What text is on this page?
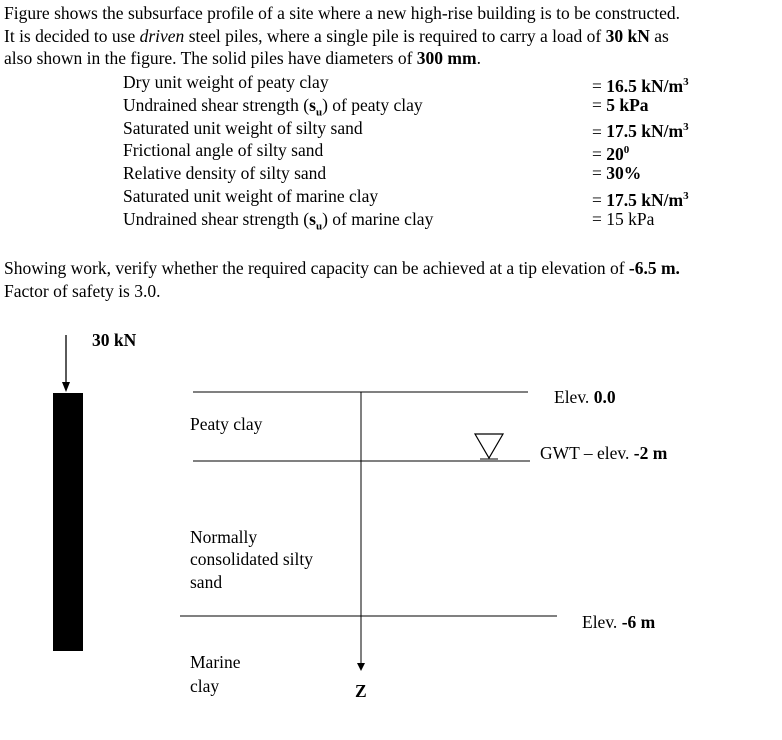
Figure shows the subsurface profile of a site where a new high-rise building is to be constructed.
It is decided to use driven steel piles, where a single pile is required to carry a load of 30 kN as
also shown in the figure. The solid piles have diameters of 300 mm.
Dry unit weight of peaty clay	= 16.5 $kN/m^3$
Undrained shear strength $(s_u)$ of peaty clay	= 5 kPa
Saturated unit weight of silty sand	= 17.5 $kN/m^3$
Frictional angle of silty sand	= $20^0$
Relative density of silty sand	= 30%
Saturated unit weight of marine clay	= 17.5 $kN/m^3$
Undrained shear strength $(s_u)$ of marine clay	= 15 kPa
Showing work, verify whether the required capacity can be achieved at a tip elevation of -6.5 m.
Factor of safety is 3.0.
30 kN
Peaty clay
Normally
consolidated silty
sand
Marine
clay
Elev. 0.0
GWT – elev. -2 m
Elev. -6 m
Z
